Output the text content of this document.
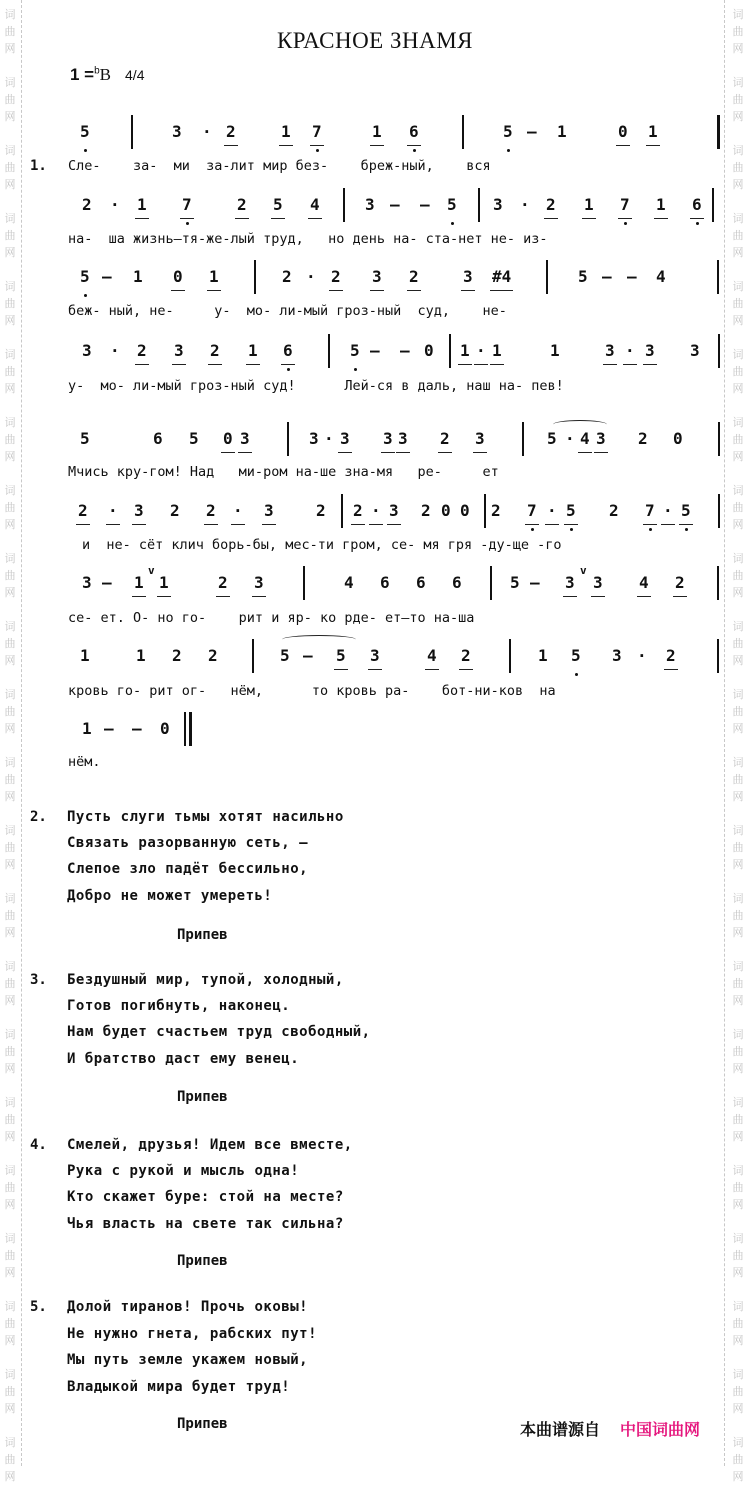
词
曲
网
词
曲
网
词
曲
网
词
曲
网
词
曲
网
词
曲
网
词
曲
网
词
曲
网
词
曲
网
词
曲
网
词
曲
网
词
曲
网
词
曲
网
词
曲
网
词
曲
网
词
曲
网
词
曲
网
词
曲
网
词
曲
网
词
曲
网
词
曲
网
词
曲
网
词
曲
网
词
曲
网
词
曲
网
词
曲
网
词
曲
网
词
曲
网
词
曲
网
词
曲
网
词
曲
网
词
曲
网
词
曲
网
词
曲
网
词
曲
网
词
曲
网
词
曲
网
词
曲
网
词
曲
网
词
曲
网
词
曲
网
词
曲
网
词
曲
网
词
曲
网
КРАСНОЕ ЗНАМЯ
1 =$^b$B 4/4
1.
5	3 · 2	1 7	1 6	5 — 1	0 1
Сле-    за-  ми  за-лит мир без-    бреж-ный,    вся
2 · 1 7	2 5 4	3 — — 5 3 · 2 1 7 1 6
на-  ша жизнь—тя-же-лый труд,   но день на- ста-нет не- из-
5 — 1 0 1	2 · 2 3 2	3 #4	5 — — 4
беж- ный, не-     у-  мо- ли-мый гроз-ный  суд,    не-
3 · 2 3 2 1 6	5 — — 0 1 · 1	1	3 · 3 3
у-  мо- ли-мый гроз-ный суд!      Лей-ся в даль, наш на- пев!
5	6 5 0 3	3 · 3 3 3 2 3	5 · 4 3 2 0
Мчись кру-гом! Над   ми-ром на-ше зна-мя   ре-     ет
2 · 3 2 2 · 3	2 2 · 3 2 0 0 2 7 · 5 2 7 · 5
и  не- сёт клич борь-бы, мес-ти гром, се- мя гря -ду-ще -го
3 — 1
v
1	2 3	4 6 6 6	5 — 3
v
3 4 2
се- ет. О- но го-    рит и яр- ко рде- ет—то на-ша
1	1 2 2	5 — 5 3	4 2	1 5 3 · 2
кровь го- рит ог-   нём,      то кровь ра-    бот-ни-ков  на
1 — — 0
нём.
2. Пусть слуги тьмы хотят насильно
Связать разорванную сеть, —
Слепое зло падёт бессильно,
Добро не может умереть!
Припев
3. Бездушный мир, тупой, холодный,
Готов погибнуть, наконец.
Нам будет счастьем труд свободный,
И братство даст ему венец.
Припев
4. Смелей, друзья! Идем все вместе,
Рука с рукой и мысль одна!
Кто скажет буре: стой на месте?
Чья власть на свете так сильна?
Припев
5. Долой тиранов! Прочь оковы!
Не нужно гнета, рабских пут!
Мы путь земле укажем новый,
Владыкой мира будет труд!
Припев	本曲谱源自 中国词曲网
